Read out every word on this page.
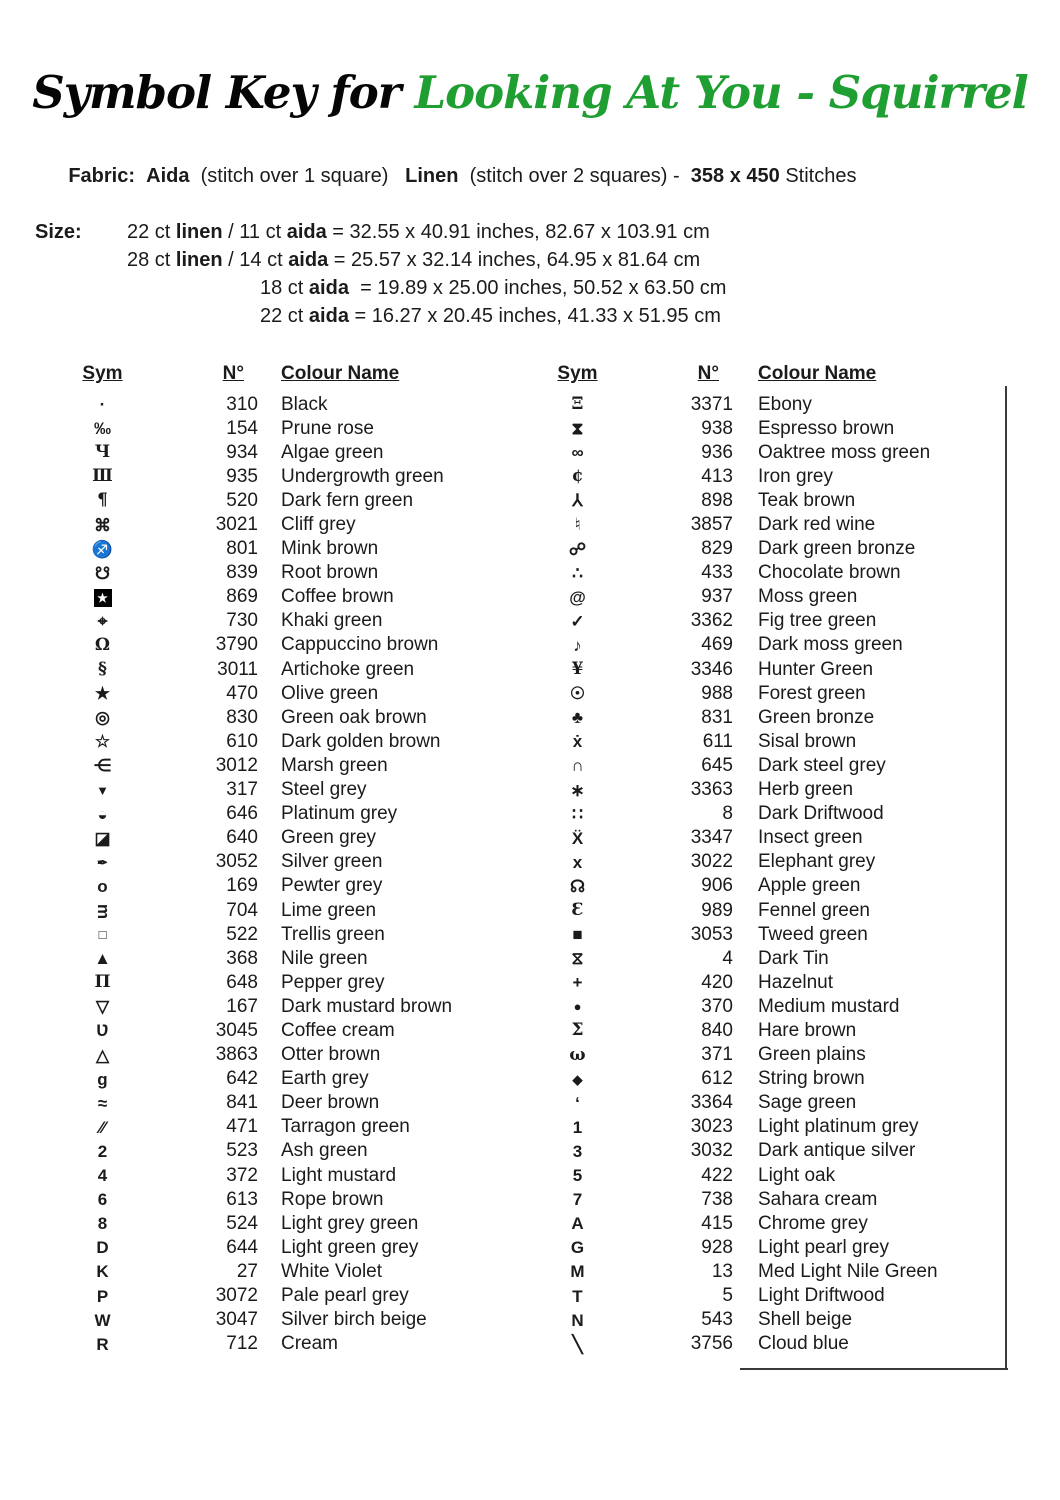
Symbol Key for Looking At You - Squirrel

Fabric: Aida  (stitch over 1 square)   Linen  (stitch over 2 squares) -  358 x 450 Stitches

Size:	22 ct linen / 11 ct aida = 32.55 x 40.91 inches, 82.67 x 103.91 cm
28 ct linen / 14 ct aida = 25.57 x 32.14 inches, 64.95 x 81.64 cm
18 ct aida  = 19.89 x 25.00 inches, 50.52 x 63.50 cm
22 ct aida = 16.27 x 20.45 inches, 41.33 x 51.95 cm
Sym	N°	Colour Name
·	310	Black
‰	154	Prune rose
Ч	934	Algae green
Ⅲ	935	Undergrowth green
¶	520	Dark fern green
⌘	3021	Cliff grey
♐	801	Mink brown
☋	839	Root brown
★	869	Coffee brown
⌖	730	Khaki green
Ω	3790	Cappuccino brown
§	3011	Artichoke green
★	470	Olive green
◎	830	Green oak brown
☆	610	Dark golden brown
⋲	3012	Marsh green
▼	317	Steel grey
◒	646	Platinum grey
◪	640	Green grey
✒	3052	Silver green
o	169	Pewter grey
ᴟ	704	Lime green
□	522	Trellis green
▲	368	Nile green
Π	648	Pepper grey
▽	167	Dark mustard brown
Ʋ	3045	Coffee cream
△	3863	Otter brown
g	642	Earth grey
≈	841	Deer brown
⁄⁄	471	Tarragon green
2	523	Ash green
4	372	Light mustard
6	613	Rope brown
8	524	Light grey green
D	644	Light green grey
K	27	White Violet
P	3072	Pale pearl grey
W	3047	Silver birch beige
R	712	Cream
Sym	N°	Colour Name
Ξ	3371	Ebony
⧗	938	Espresso brown
∞	936	Oaktree moss green
¢	413	Iron grey
⅄	898	Teak brown
♮	3857	Dark red wine
☍	829	Dark green bronze
∴	433	Chocolate brown
@	937	Moss green
✓	3362	Fig tree green
♪	469	Dark moss green
¥	3346	Hunter Green
☉	988	Forest green
♣	831	Green bronze
ẋ	611	Sisal brown
∩	645	Dark steel grey
∗	3363	Herb green
∷	8	Dark Driftwood
Ẍ	3347	Insect green
x	3022	Elephant grey
☊	906	Apple green
Ɛ	989	Fennel green
■	3053	Tweed green
⧖	4	Dark Tin
+	420	Hazelnut
●	370	Medium mustard
Σ	840	Hare brown
ω	371	Green plains
◆	612	String brown
ʻ	3364	Sage green
1	3023	Light platinum grey
3	3032	Dark antique silver
5	422	Light oak
7	738	Sahara cream
A	415	Chrome grey
G	928	Light pearl grey
M	13	Med Light Nile Green
T	5	Light Driftwood
N	543	Shell beige
╲	3756	Cloud blue
